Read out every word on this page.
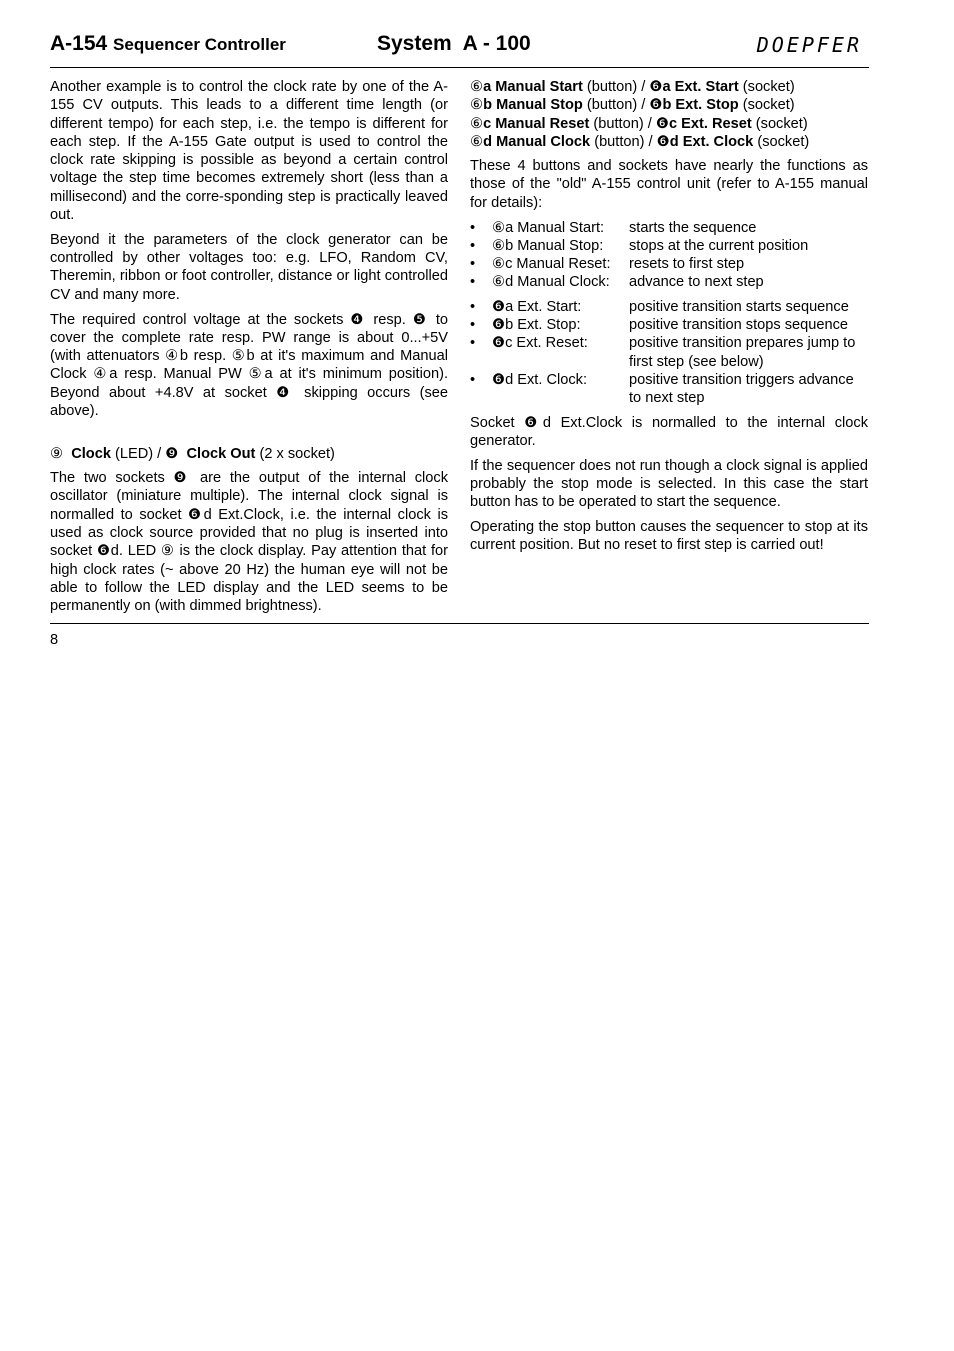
A-154 Sequencer Controller	System  A - 100	DOEPFER

Another example is to control the clock rate by one of the A-155 CV outputs. This leads to a different time length (or different tempo) for each step, i.e. the tempo is different for each step. If the A-155 Gate output is used to control the clock rate skipping is possible as beyond a certain control voltage the step time becomes extremely short (less than a millisecond) and the corre-sponding step is practically leaved out.

Beyond it the parameters of the clock generator can be controlled by other voltages too: e.g. LFO, Random CV, Theremin, ribbon or foot controller, distance or light controlled CV and many more.

The required control voltage at the sockets ❹ resp. ❺ to cover the complete rate resp. PW range is about 0...+5V (with attenuators ④b resp. ⑤b at it's maximum and Manual Clock ④a resp. Manual PW ⑤a at it's minimum position). Beyond about +4.8V at socket ❹ skipping occurs (see above).

⑨ Clock (LED) / ❾ Clock Out (2 x socket)

The two sockets ❾ are the output of the internal clock oscillator (miniature multiple). The internal clock signal is normalled to socket ❻d Ext.Clock, i.e. the internal clock is used as clock source provided that no plug is inserted into socket ❻d. LED ⑨ is the clock display. Pay attention that for high clock rates (~ above 20 Hz) the human eye will not be able to follow the LED display and the LED seems to be permanently on (with dimmed brightness).

⑥a Manual Start (button) / ❻a Ext. Start (socket)

⑥b Manual Stop (button) / ❻b Ext. Stop (socket)

⑥c Manual Reset (button) / ❻c Ext. Reset (socket)

⑥d Manual Clock (button) / ❻d Ext. Clock (socket)

These 4 buttons and sockets have nearly the functions as those of the "old" A-155 control unit (refer to A-155 manual for details):

•	⑥a Manual Start:	starts the sequence
•	⑥b Manual Stop:	stops at the current position
•	⑥c Manual Reset:	resets to first step
•	⑥d Manual Clock:	advance to next step
•	❻a Ext. Start:	positive transition starts sequence
•	❻b Ext. Stop:	positive transition stops sequence
•	❻c Ext. Reset:	positive transition prepares jump to first step (see below)
•	❻d Ext. Clock:	positive transition triggers advance to next step

Socket ❻d Ext.Clock is normalled to the internal clock generator.

If the sequencer does not run though a clock signal is applied probably the stop mode is selected. In this case the start button has to be operated to start the sequence.

Operating the stop button causes the sequencer to stop at its current position. But no reset to first step is carried out!

8
